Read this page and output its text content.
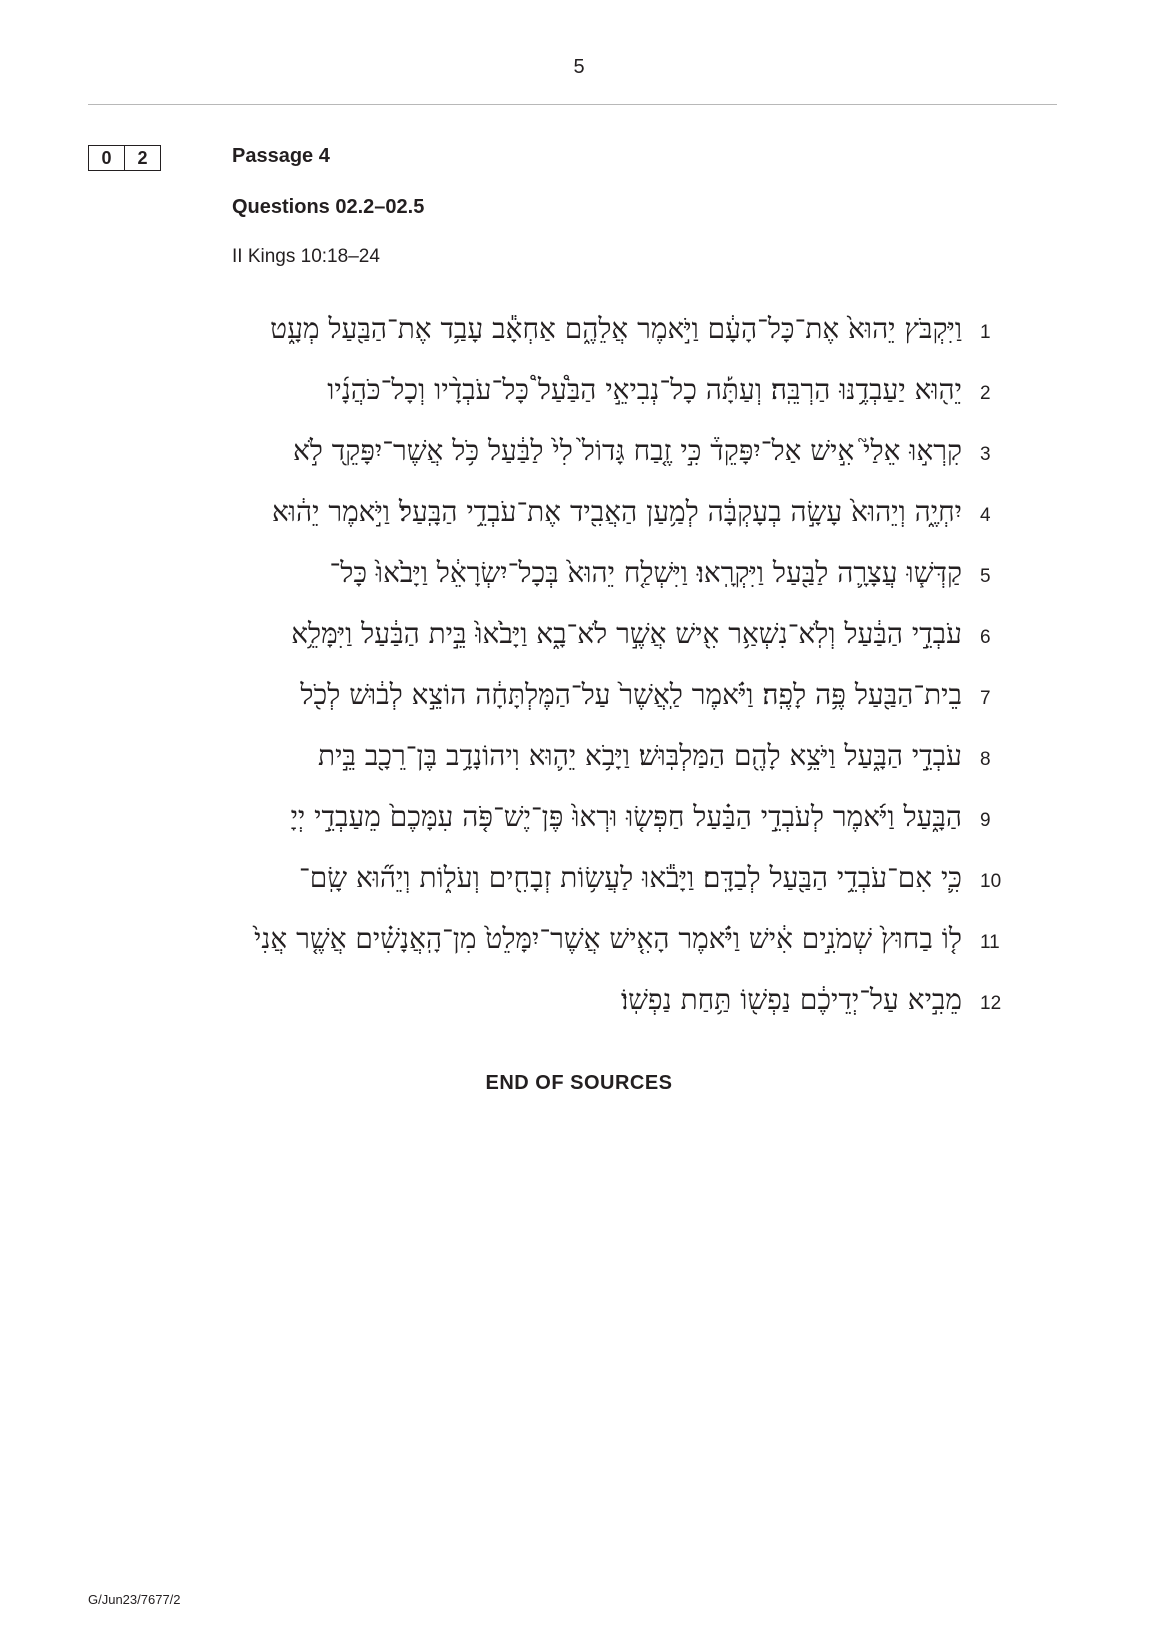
5
0	2	Passage 4
Questions 02.2–02.5
II Kings 10:18–24
וַיִּקְבֹּץ יֵהוּא֙ אֶת־כָּל־הָעָ֔ם וַיֹּ֣אמֶר אֲלֵהֶ֑ם אַחְאָ֕ב עָבַ֥ד אֶת־הַבַּ֖עַל מְעָ֑ט 1
יֵה֖וּא יַעַבְדֶ֥נּוּ הַרְבֵּֽה׃ וְעַתָּ֡ה כָל־נְבִיאֵ֣י הַבַּ֩עַל֩ כָּל־עֹבְדָ֨יו וְכָל־כֹּהֲנָ֜יו 2
קִרְא֣וּ אֵלַי֮ אִ֣ישׁ אַל־יִפָּקֵד֒ כִּ֣י זֶ֤בַח גָּדוֹל֙ לִי֙ לַבַּ֔עַל כֹּ֥ל אֲשֶׁר־יִפָּקֵ֖ד לֹ֣א 3
יִחְיֶ֑ה וְיֵהוּא֙ עָשָׂ֣ה בְעָקְבָּ֔ה לְמַ֥עַן הַאֲבִ֖יד אֶת־עֹבְדֵ֥י הַבָּֽעַל׃ וַיֹּ֣אמֶר יֵה֔וּא 4
קַדְּשׁ֧וּ עֲצָרָ֛ה לַבַּ֖עַל וַיִּקְרָֽאוּ׃ וַיִּשְׁלַ֤ח יֵהוּא֙ בְּכָל־יִשְׂרָאֵ֔ל וַיָּבֹ֙אוּ֙ כָּל־ 5
עֹבְדֵ֣י הַבַּ֔עַל וְלֹֽא־נִשְׁאַ֥ר אִ֖ישׁ אֲשֶׁ֣ר לֹא־בָ֑א וַיָּבֹ֙אוּ֙ בֵּ֣ית הַבַּ֔עַל וַיִּמָּלֵ֥א 6
בֵית־הַבַּ֖עַל פֶּ֥ה לָפֶֽה׃ וַיֹּ֗אמֶר לַֽאֲשֶׁר֙ עַל־הַמֶּלְתָּחָ֔ה הוֹצֵ֣א לְב֔וּשׁ לְכֹ֖ל 7
עֹבְדֵ֣י הַבָּ֑עַל וַיֹּצֵ֥א לָהֶ֖ם הַמַּלְבּֽוּשׁ׃ וַיָּבֹ֥א יֵה֛וּא וִיהוֹנָדָ֥ב בֶּן־רֵכָ֖ב בֵּ֣ית 8
הַבָּ֑עַל וַיֹּ֜אמֶר לְעֹבְדֵ֣י הַבַּ֗עַל חַפְּשׂ֤וּ וּרְאוּ֙ פֶּן־יֶשׁ־פֹּ֤ה עִמָּכֶם֙ מֵעַבְדֵ֣י יְיָ 9
כִּ֛י אִם־עֹבְדֵ֥י הַבַּ֖עַל לְבַדָּֽם׃ וַיָּבֹ֕אוּ לַעֲשׂ֥וֹת זְבָחִ֖ים וְעֹל֑וֹת וְיֵה֞וּא שָֽׂם־ 10
ל֤וֹ בַחוּץ֙ שְׁמֹנִ֣ים אִ֔ישׁ וַיֹּ֗אמֶר הָאִ֤ישׁ אֲשֶׁר־יִמָּלֵט֙ מִן־הָֽאֲנָשִׁ֗ים אֲשֶׁ֤ר אֲנִי֙ 11
מֵבִ֣יא עַל־יְדֵיכֶ֔ם נַפְשׁ֖וֹ תַּ֥חַת נַפְשֽׁוֹ׃ 12
END OF SOURCES
G/Jun23/7677/2
